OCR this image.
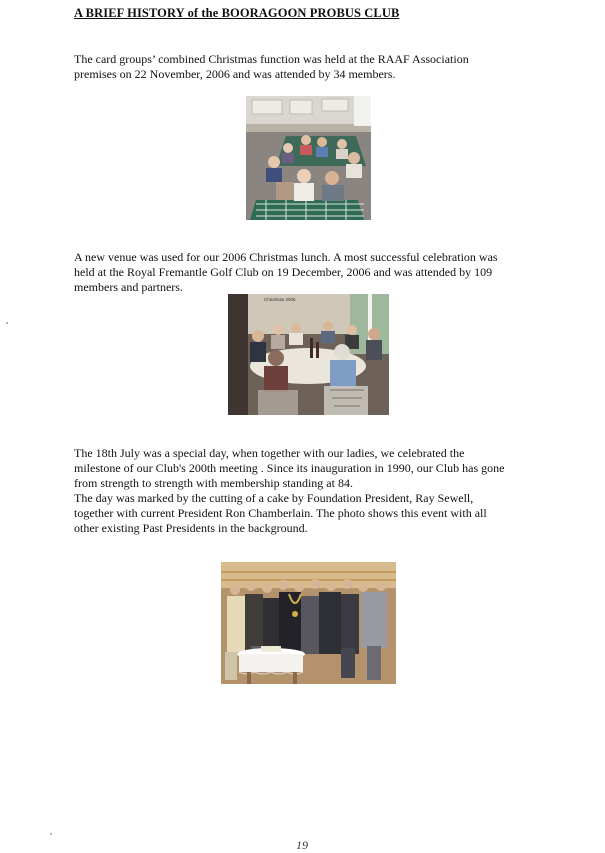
A BRIEF HISTORY of the BOORAGOON PROBUS CLUB
The card groups’ combined Christmas function was held at the RAAF Association
premises on 22 November, 2006 and was attended by 34 members.
A new venue was used for our 2006 Christmas lunch. A most successful celebration was
held at the Royal Fremantle Golf Club on 19 December, 2006 and was attended by 109
members and partners.
Christmas 2006
The 18th July was a special day, when together with our ladies, we celebrated the
milestone of our Club's 200th meeting . Since its inauguration in 1990, our Club has gone
from strength to strength with membership standing at 84.
The day was marked by the cutting of a cake by Foundation President, Ray Sewell,
together with current President Ron Chamberlain. The photo shows this event with all
other existing Past Presidents in the background.
19
